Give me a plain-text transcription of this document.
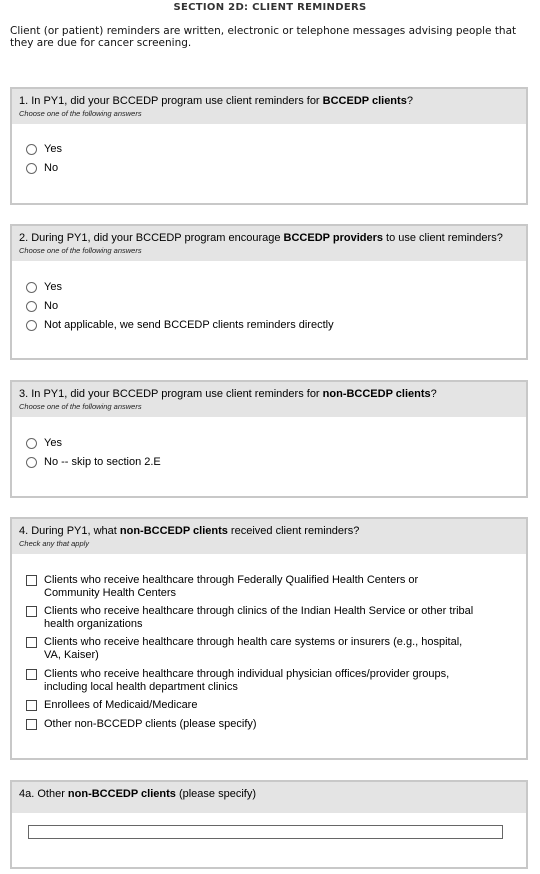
SECTION 2D: CLIENT REMINDERS
Client (or patient) reminders are written, electronic or telephone messages advising people that they are due for cancer screening.
1. In PY1, did your BCCEDP program use client reminders for BCCEDP clients?
Choose one of the following answers
Yes
No
2. During PY1, did your BCCEDP program encourage BCCEDP providers to use client reminders?
Choose one of the following answers
Yes
No
Not applicable, we send BCCEDP clients reminders directly
3. In PY1, did your BCCEDP program use client reminders for non-BCCEDP clients?
Choose one of the following answers
Yes
No -- skip to section 2.E
4. During PY1, what non-BCCEDP clients received client reminders?
Check any that apply
Clients who receive healthcare through Federally Qualified Health Centers or Community Health Centers
Clients who receive healthcare through clinics of the Indian Health Service or other tribal health organizations
Clients who receive healthcare through health care systems or insurers (e.g., hospital, VA, Kaiser)
Clients who receive healthcare through individual physician offices/provider groups, including local health department clinics
Enrollees of Medicaid/Medicare
Other non-BCCEDP clients (please specify)
4a. Other non-BCCEDP clients (please specify)
